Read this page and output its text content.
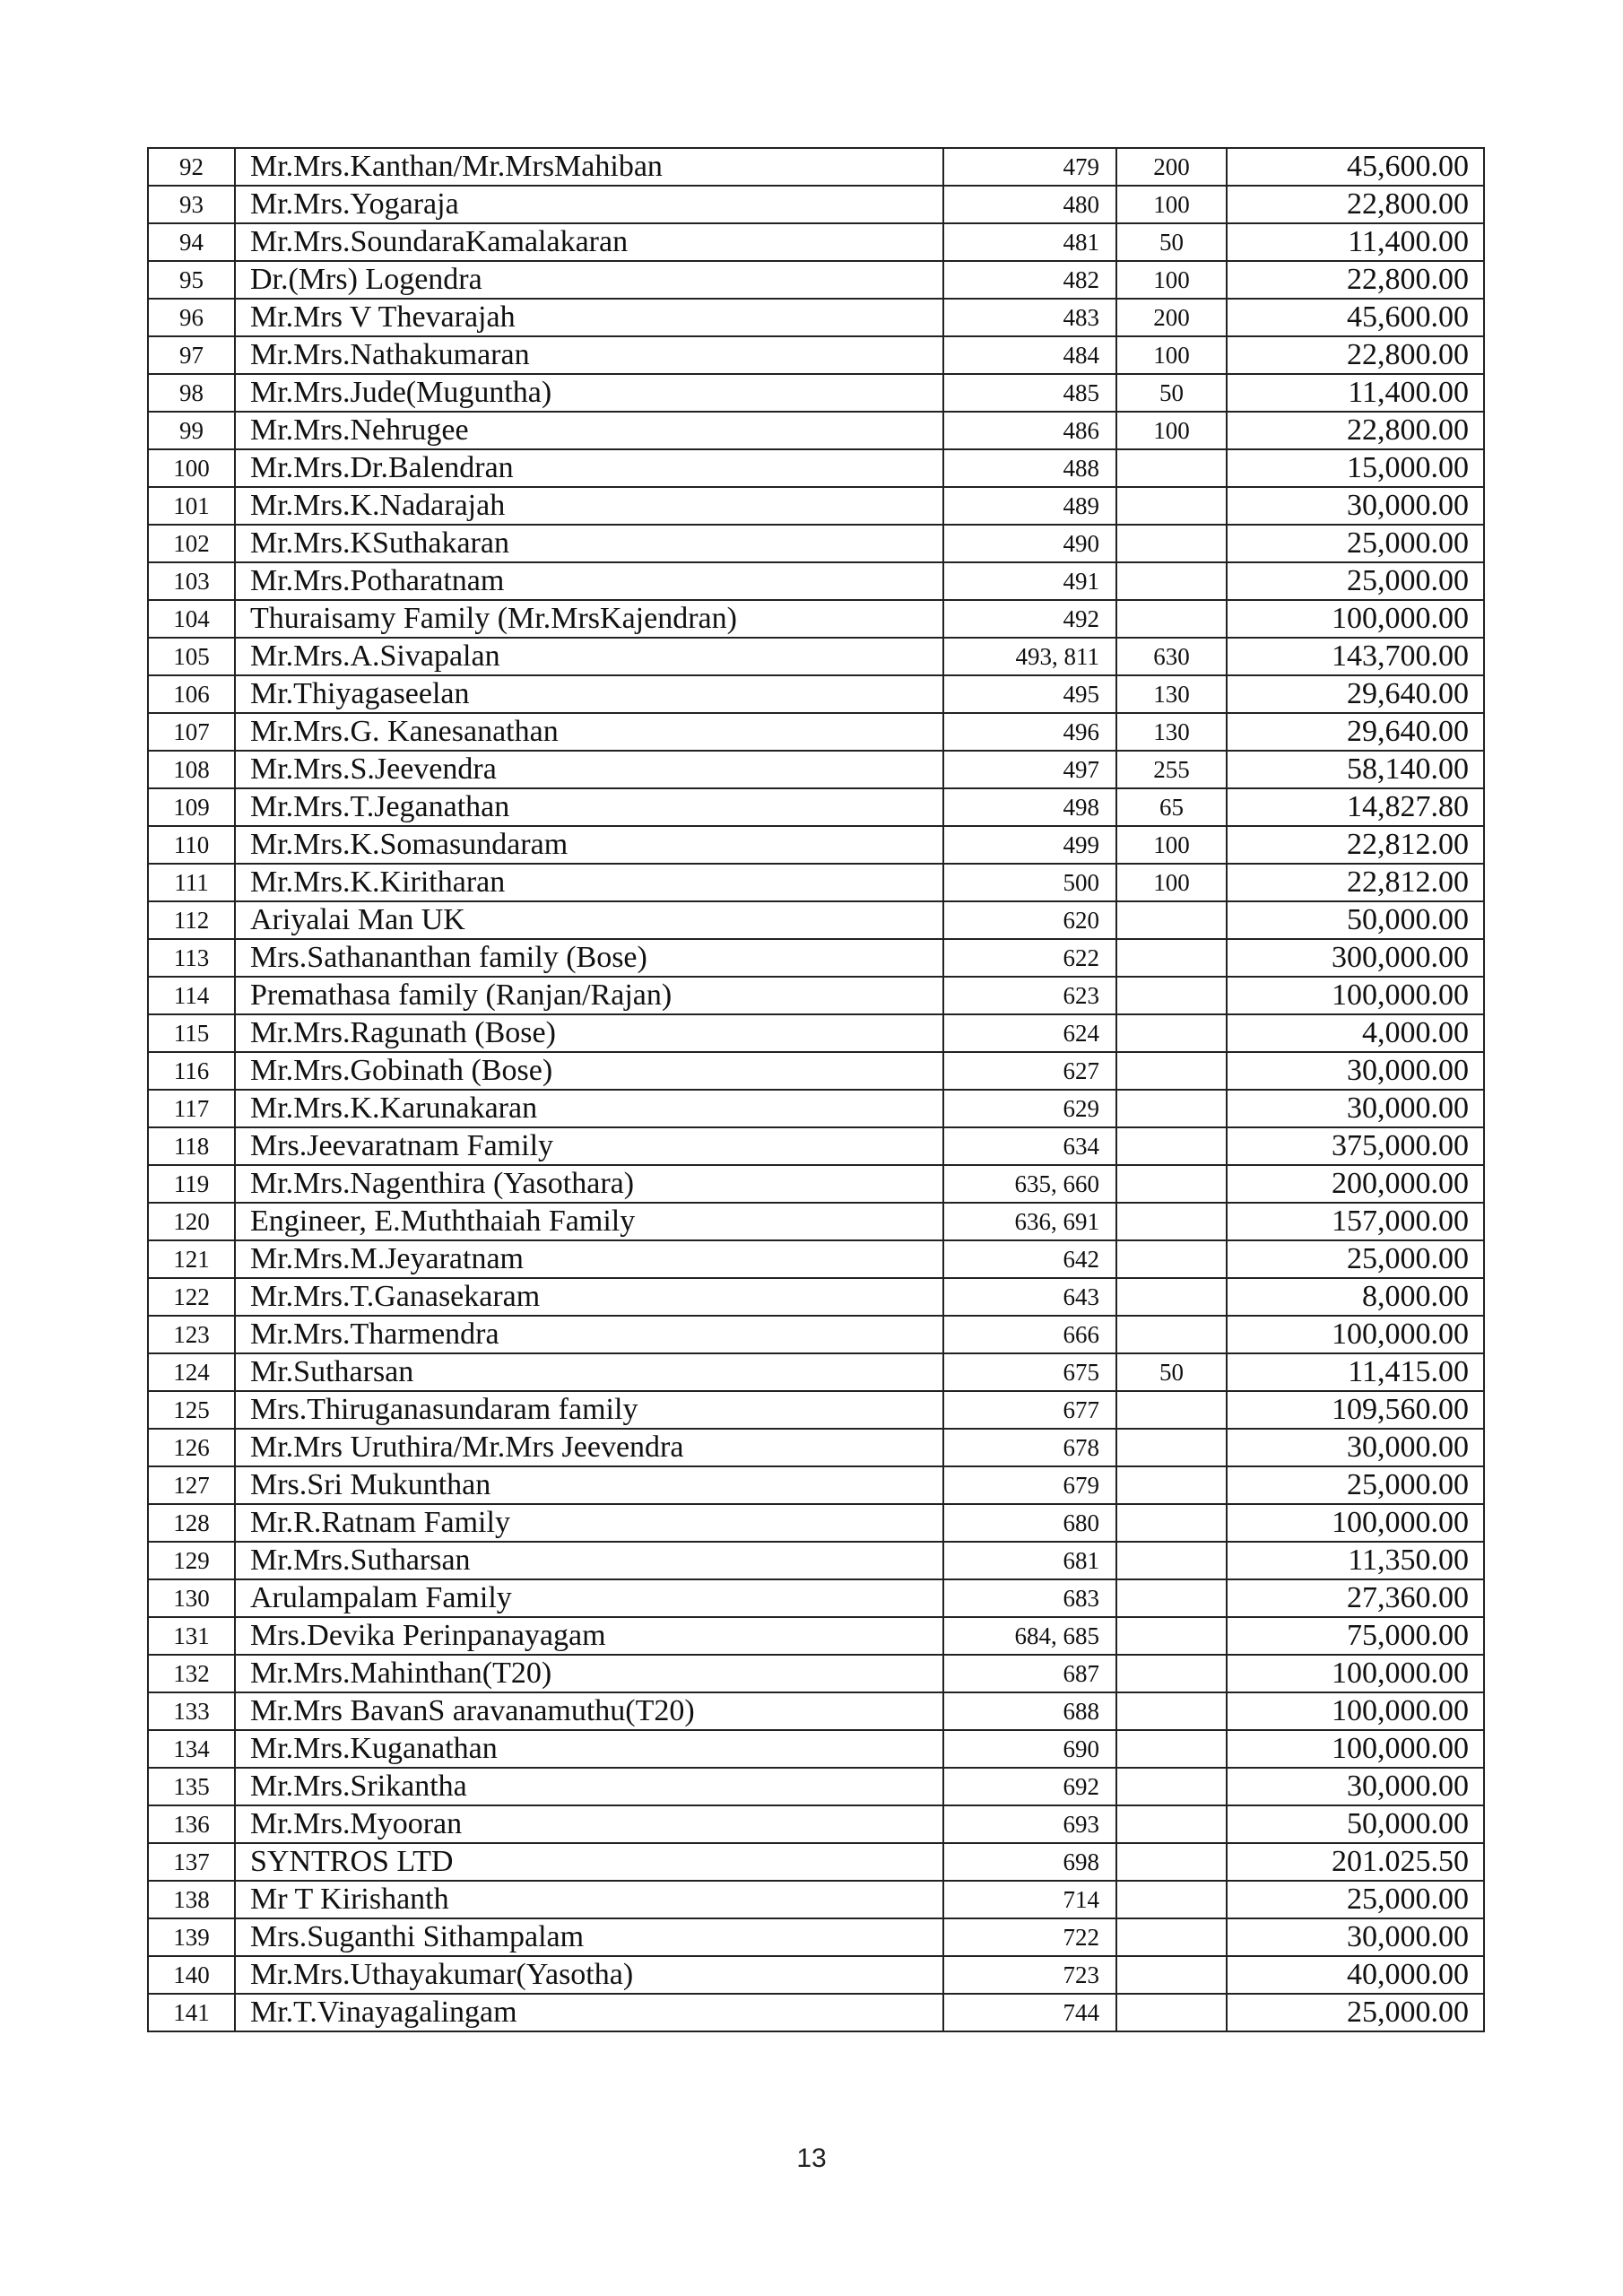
92	Mr.Mrs.Kanthan/Mr.MrsMahiban	479	200	45,600.00
93	Mr.Mrs.Yogaraja	480	100	22,800.00
94	Mr.Mrs.SoundaraKamalakaran	481	50	11,400.00
95	Dr.(Mrs) Logendra	482	100	22,800.00
96	Mr.Mrs V Thevarajah	483	200	45,600.00
97	Mr.Mrs.Nathakumaran	484	100	22,800.00
98	Mr.Mrs.Jude(Muguntha)	485	50	11,400.00
99	Mr.Mrs.Nehrugee	486	100	22,800.00
100	Mr.Mrs.Dr.Balendran	488		15,000.00
101	Mr.Mrs.K.Nadarajah	489		30,000.00
102	Mr.Mrs.KSuthakaran	490		25,000.00
103	Mr.Mrs.Potharatnam	491		25,000.00
104	Thuraisamy Family (Mr.MrsKajendran)	492		100,000.00
105	Mr.Mrs.A.Sivapalan	493, 811	630	143,700.00
106	Mr.Thiyagaseelan	495	130	29,640.00
107	Mr.Mrs.G. Kanesanathan	496	130	29,640.00
108	Mr.Mrs.S.Jeevendra	497	255	58,140.00
109	Mr.Mrs.T.Jeganathan	498	65	14,827.80
110	Mr.Mrs.K.Somasundaram	499	100	22,812.00
111	Mr.Mrs.K.Kiritharan	500	100	22,812.00
112	Ariyalai Man UK	620		50,000.00
113	Mrs.Sathananthan family (Bose)	622		300,000.00
114	Premathasa family (Ranjan/Rajan)	623		100,000.00
115	Mr.Mrs.Ragunath (Bose)	624		4,000.00
116	Mr.Mrs.Gobinath (Bose)	627		30,000.00
117	Mr.Mrs.K.Karunakaran	629		30,000.00
118	Mrs.Jeevaratnam Family	634		375,000.00
119	Mr.Mrs.Nagenthira (Yasothara)	635, 660		200,000.00
120	Engineer, E.Muththaiah Family	636, 691		157,000.00
121	Mr.Mrs.M.Jeyaratnam	642		25,000.00
122	Mr.Mrs.T.Ganasekaram	643		8,000.00
123	Mr.Mrs.Tharmendra	666		100,000.00
124	Mr.Sutharsan	675	50	11,415.00
125	Mrs.Thiruganasundaram family	677		109,560.00
126	Mr.Mrs Uruthira/Mr.Mrs Jeevendra	678		30,000.00
127	Mrs.Sri Mukunthan	679		25,000.00
128	Mr.R.Ratnam Family	680		100,000.00
129	Mr.Mrs.Sutharsan	681		11,350.00
130	Arulampalam Family	683		27,360.00
131	Mrs.Devika Perinpanayagam	684, 685		75,000.00
132	Mr.Mrs.Mahinthan(T20)	687		100,000.00
133	Mr.Mrs BavanS aravanamuthu(T20)	688		100,000.00
134	Mr.Mrs.Kuganathan	690		100,000.00
135	Mr.Mrs.Srikantha	692		30,000.00
136	Mr.Mrs.Myooran	693		50,000.00
137	SYNTROS LTD	698		201.025.50
138	Mr T Kirishanth	714		25,000.00
139	Mrs.Suganthi Sithampalam	722		30,000.00
140	Mr.Mrs.Uthayakumar(Yasotha)	723		40,000.00
141	Mr.T.Vinayagalingam	744		25,000.00
13
